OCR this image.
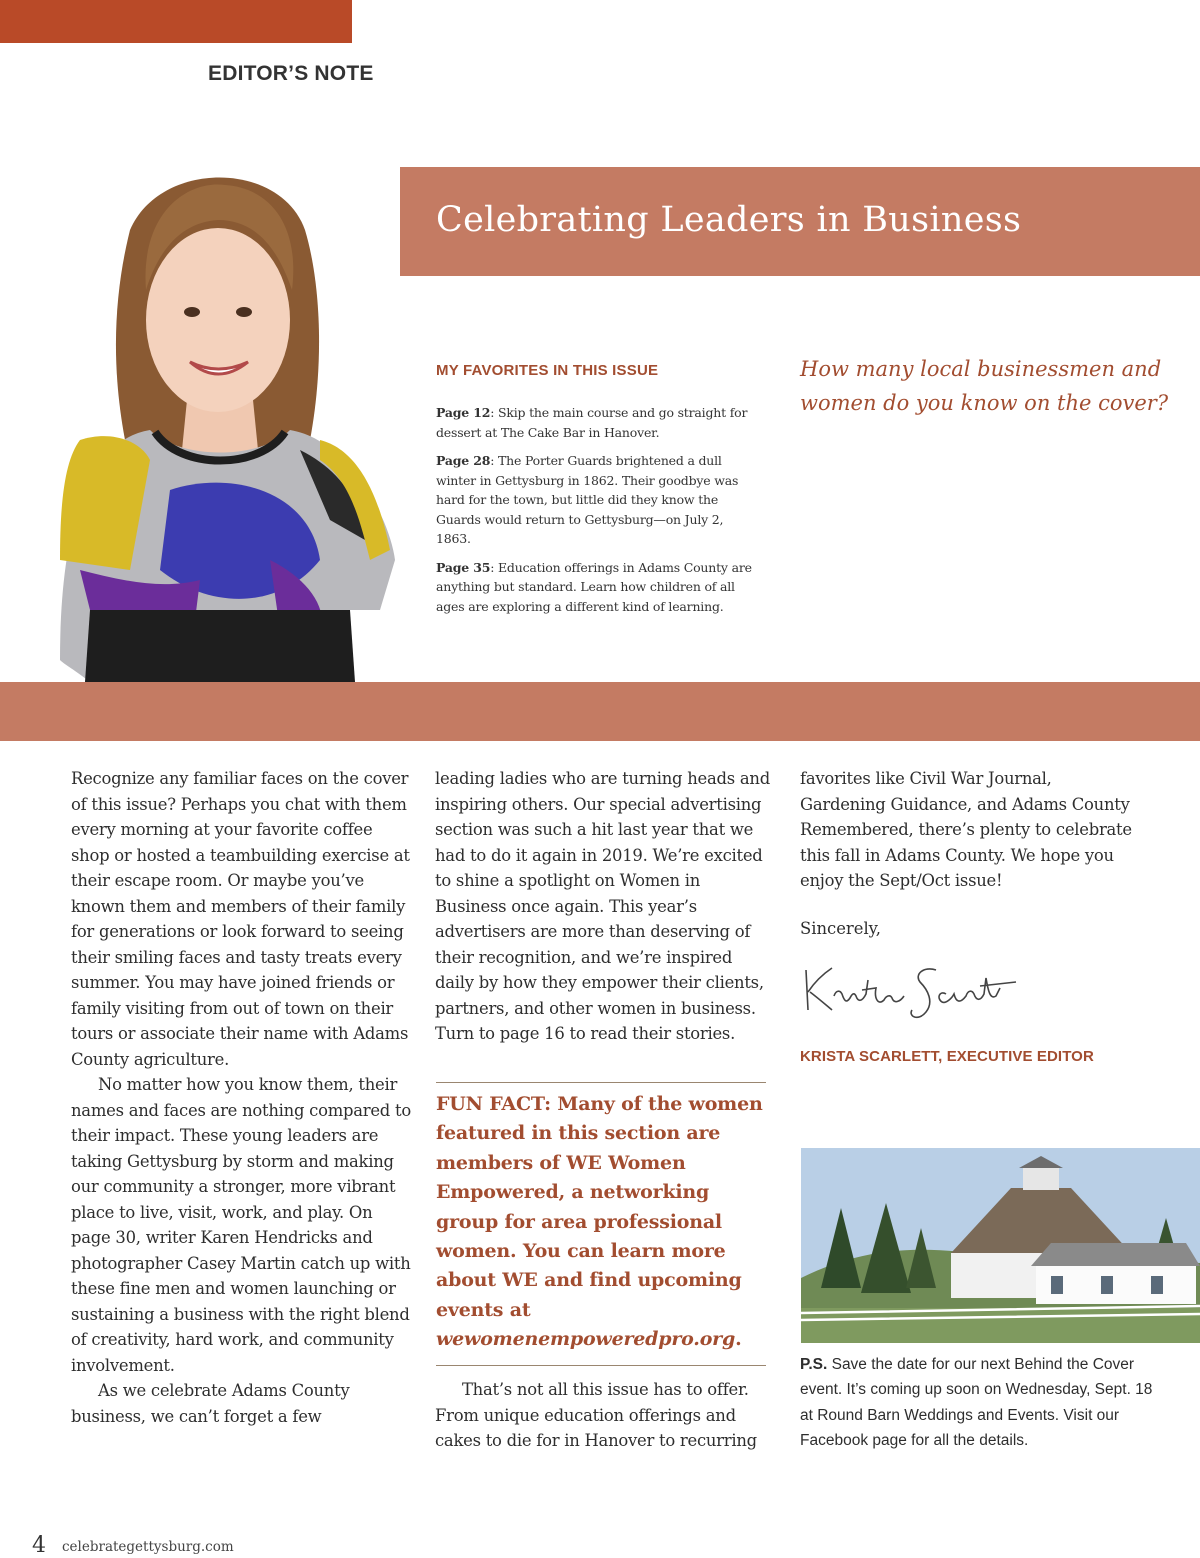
EDITOR’S NOTE
Celebrating Leaders in Business
MY FAVORITES IN THIS ISSUE

Page 12: Skip the main course and go straight for dessert at The Cake Bar in Hanover.

Page 28: The Porter Guards brightened a dull winter in Gettysburg in 1862. Their goodbye was hard for the town, but little did they know the Guards would return to Gettysburg—on July 2, 1863.

Page 35: Education offerings in Adams County are anything but standard. Learn how children of all ages are exploring a different kind of learning.

How many local businessmen and women do you know on the cover?

Recognize any familiar faces on the cover of this issue? Perhaps you chat with them every morning at your favorite coffee shop or hosted a teambuilding exercise at their escape room. Or maybe you’ve known them and members of their family for generations or look forward to seeing their smiling faces and tasty treats every summer. You may have joined friends or family visiting from out of town on their tours or associate their name with Adams County agriculture.

No matter how you know them, their names and faces are nothing compared to their impact. These young leaders are taking Gettysburg by storm and making our community a stronger, more vibrant place to live, visit, work, and play. On page 30, writer Karen Hendricks and photographer Casey Martin catch up with these fine men and women launching or sustaining a business with the right blend of creativity, hard work, and community involvement.

As we celebrate Adams County business, we can’t forget a few

leading ladies who are turning heads and inspiring others. Our special advertising section was such a hit last year that we had to do it again in 2019. We’re excited to shine a spotlight on Women in Business once again. This year’s advertisers are more than deserving of their recognition, and we’re inspired daily by how they empower their clients, partners, and other women in business. Turn to page 16 to read their stories.

FUN FACT: Many of the women featured in this section are members of WE Women Empowered, a networking group for area professional women. You can learn more about WE and find upcoming events at wewomenempoweredpro.org.

That’s not all this issue has to offer. From unique education offerings and cakes to die for in Hanover to recurring

favorites like Civil War Journal, Gardening Guidance, and Adams County Remembered, there’s plenty to celebrate this fall in Adams County. We hope you enjoy the Sept/Oct issue!

Sincerely,
KRISTA SCARLETT, EXECUTIVE EDITOR
P.S. Save the date for our next Behind the Cover event. It’s coming up soon on Wednesday, Sept. 18 at Round Barn Weddings and Events. Visit our Facebook page for all the details.
4 celebrategettysburg.com
